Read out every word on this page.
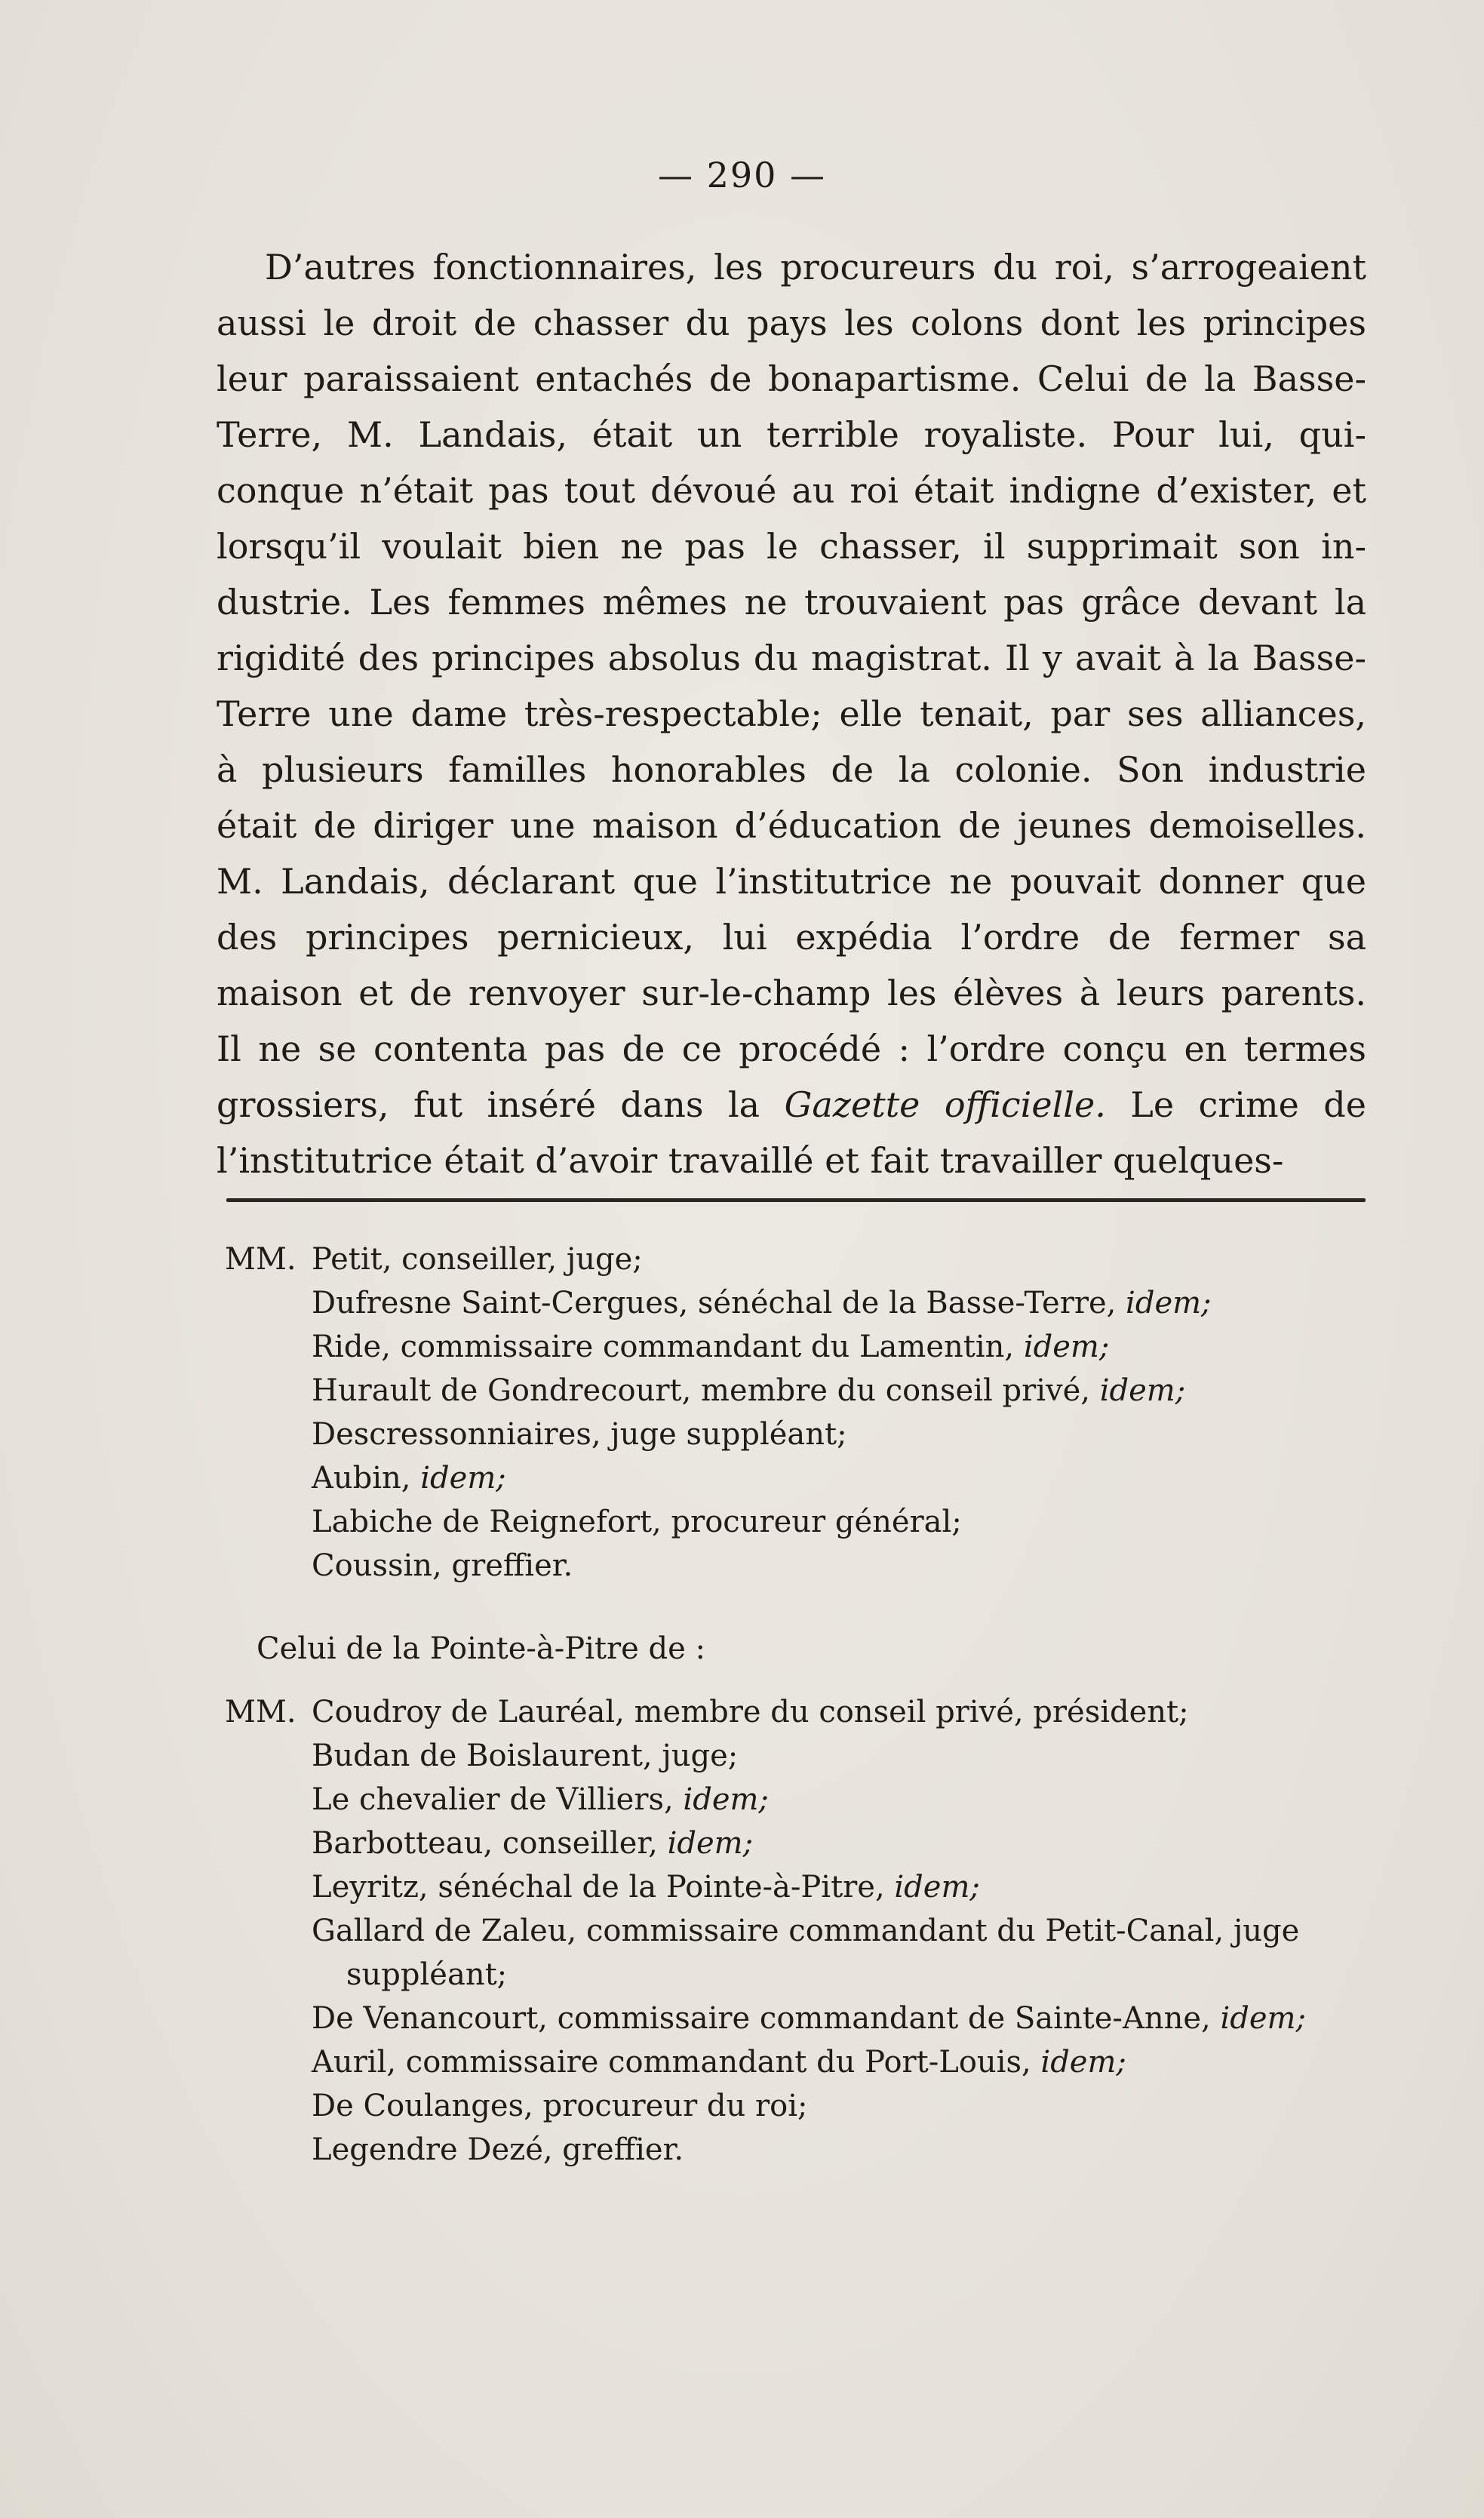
— 290 —
D’autres fonctionnaires, les procureurs du roi, s’arrogeaient
aussi le droit de chasser du pays les colons dont les principes
leur paraissaient entachés de bonapartisme. Celui de la Basse-
Terre, M. Landais, était un terrible royaliste. Pour lui, qui-
conque n’était pas tout dévoué au roi était indigne d’exister, et
lorsqu’il voulait bien ne pas le chasser, il supprimait son in-
dustrie. Les femmes mêmes ne trouvaient pas grâce devant la
rigidité des principes absolus du magistrat. Il y avait à la Basse-
Terre une dame très-respectable; elle tenait, par ses alliances,
à plusieurs familles honorables de la colonie. Son industrie
était de diriger une maison d’éducation de jeunes demoiselles.
M. Landais, déclarant que l’institutrice ne pouvait donner que
des principes pernicieux, lui expédia l’ordre de fermer sa
maison et de renvoyer sur-le-champ les élèves à leurs parents.
Il ne se contenta pas de ce procédé : l’ordre conçu en termes
grossiers, fut inséré dans la Gazette officielle. Le crime de
l’institutrice était d’avoir travaillé et fait travailler quelques-
MM. Petit, conseiller, juge;
Dufresne Saint-Cergues, sénéchal de la Basse-Terre, idem;
Ride, commissaire commandant du Lamentin, idem;
Hurault de Gondrecourt, membre du conseil privé, idem;
Descressonniaires, juge suppléant;
Aubin, idem;
Labiche de Reignefort, procureur général;
Coussin, greffier.
Celui de la Pointe-à-Pitre de :
MM. Coudroy de Lauréal, membre du conseil privé, président;
Budan de Boislaurent, juge;
Le chevalier de Villiers, idem;
Barbotteau, conseiller, idem;
Leyritz, sénéchal de la Pointe-à-Pitre, idem;
Gallard de Zaleu, commissaire commandant du Petit-Canal, juge
suppléant;
De Venancourt, commissaire commandant de Sainte-Anne, idem;
Auril, commissaire commandant du Port-Louis, idem;
De Coulanges, procureur du roi;
Legendre Dezé, greffier.
